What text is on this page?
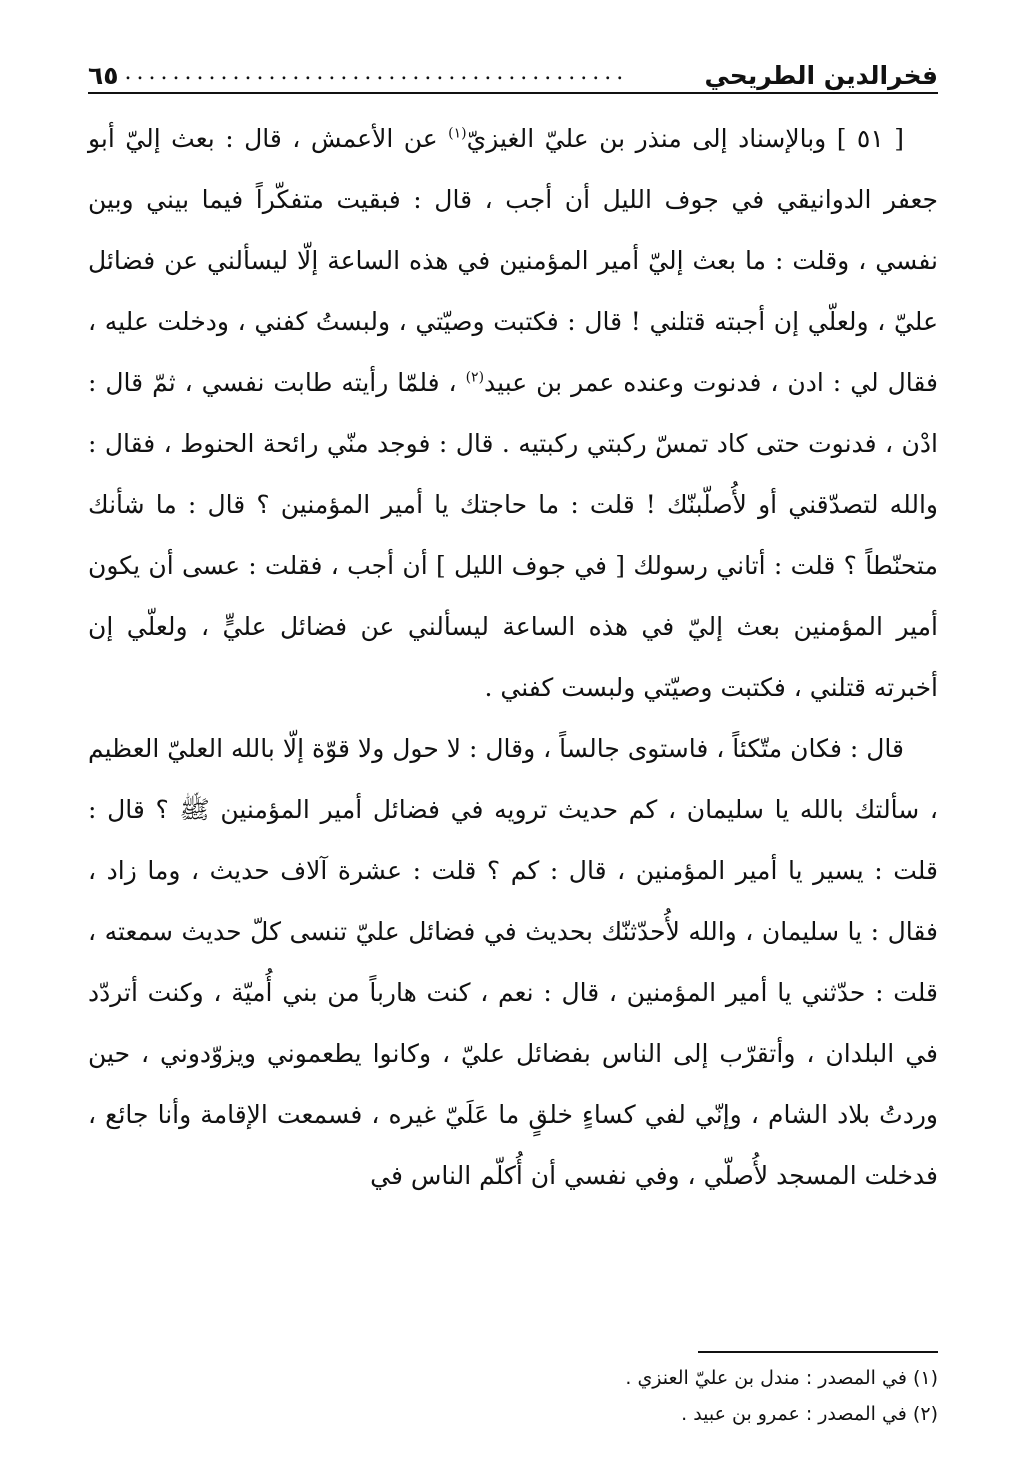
فخرالدين الطريحي
..........................................
٦٥

[ ٥١ ] وبالإسناد إلى منذر بن عليّ الغيزيّ$^{(١)}$ عن الأعمش ، قال : بعث إليّ أبو جعفر الدوانيقي في جوف الليل أن أجب ، قال : فبقيت متفكّراً فيما بيني وبين نفسي ، وقلت : ما بعث إليّ أمير المؤمنين في هذه الساعة إلّا ليسألني عن فضائل عليّ ، ولعلّي إن أجبته قتلني ! قال : فكتبت وصيّتي ، ولبستُ كفني ، ودخلت عليه ، فقال لي : ادن ، فدنوت وعنده عمر بن عبيد$^{(٢)}$ ، فلمّا رأيته طابت نفسي ، ثمّ قال : ادْن ، فدنوت حتى كاد تمسّ ركبتي ركبتيه . قال : فوجد منّي رائحة الحنوط ، فقال : والله لتصدّقني أو لأُصلّبنّك ! قلت : ما حاجتك يا أمير المؤمنين ؟ قال : ما شأنك متحنّطاً ؟ قلت : أتاني رسولك [ في جوف الليل ] أن أجب ، فقلت : عسى أن يكون أمير المؤمنين بعث إليّ في هذه الساعة ليسألني عن فضائل عليٍّ ، ولعلّي إن أخبرته قتلني ، فكتبت وصيّتي ولبست كفني .

قال : فكان متّكئاً ، فاستوى جالساً ، وقال : لا حول ولا قوّة إلّا بالله العليّ العظيم ، سألتك بالله يا سليمان ، كم حديث ترويه في فضائل أمير المؤمنين ﷺ ؟ قال : قلت : يسير يا أمير المؤمنين ، قال : كم ؟ قلت : عشرة آلاف حديث ، وما زاد ، فقال : يا سليمان ، والله لأُحدّثنّك بحديث في فضائل عليّ تنسى كلّ حديث سمعته ، قلت : حدّثني يا أمير المؤمنين ، قال : نعم ، كنت هارباً من بني أُميّة ، وكنت أتردّد في البلدان ، وأتقرّب إلى الناس بفضائل عليّ ، وكانوا يطعموني ويزوّدوني ، حين وردتُ بلاد الشام ، وإنّي لفي كساءٍ خلقٍ ما عَلَيّ غيره ، فسمعت الإقامة وأنا جائع ، فدخلت المسجد لأُصلّي ، وفي نفسي أن أُكلّم الناس في

(١) في المصدر : مندل بن عليّ العنزي .

(٢) في المصدر : عمرو بن عبيد .
